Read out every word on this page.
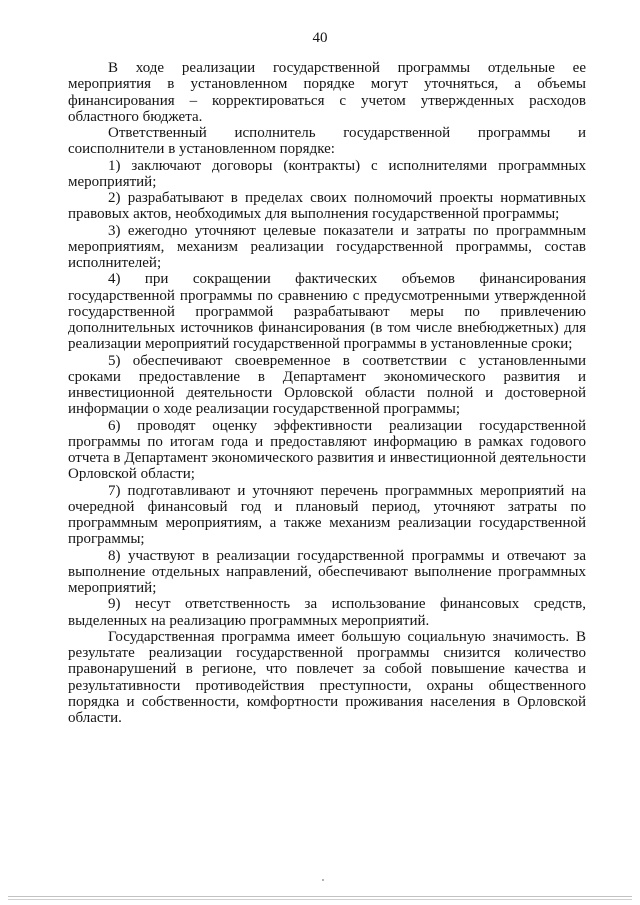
40

В ходе реализации государственной программы отдельные ее мероприятия в установленном порядке могут уточняться, а объемы финансирования – корректироваться с учетом утвержденных расходов областного бюджета.

Ответственный исполнитель государственной программы и соисполнители в установленном порядке:

1) заключают договоры (контракты) с исполнителями программных мероприятий;

2) разрабатывают в пределах своих полномочий проекты нормативных правовых актов, необходимых для выполнения государственной программы;

3) ежегодно уточняют целевые показатели и затраты по программным мероприятиям, механизм реализации государственной программы, состав исполнителей;

4) при сокращении фактических объемов финансирования государственной программы по сравнению с предусмотренными утвержденной государственной программой разрабатывают меры по привлечению дополнительных источников финансирования (в том числе внебюджетных) для реализации мероприятий государственной программы в установленные сроки;

5) обеспечивают своевременное в соответствии с установленными сроками предоставление в Департамент экономического развития и инвестиционной деятельности Орловской области полной и достоверной информации о ходе реализации государственной программы;

6) проводят оценку эффективности реализации государственной программы по итогам года и предоставляют информацию в рамках годового отчета в Департамент экономического развития и инвестиционной деятельности Орловской области;

7) подготавливают и уточняют перечень программных мероприятий на очередной финансовый год и плановый период, уточняют затраты по программным мероприятиям, а также механизм реализации государственной программы;

8) участвуют в реализации государственной программы и отвечают за выполнение отдельных направлений, обеспечивают выполнение программных мероприятий;

9) несут ответственность за использование финансовых средств, выделенных на реализацию программных мероприятий.

Государственная программа имеет большую социальную значимость. В результате реализации государственной программы снизится количество правонарушений в регионе, что повлечет за собой повышение качества и результативности противодействия преступности, охраны общественного порядка и собственности, комфортности проживания населения в Орловской области.
